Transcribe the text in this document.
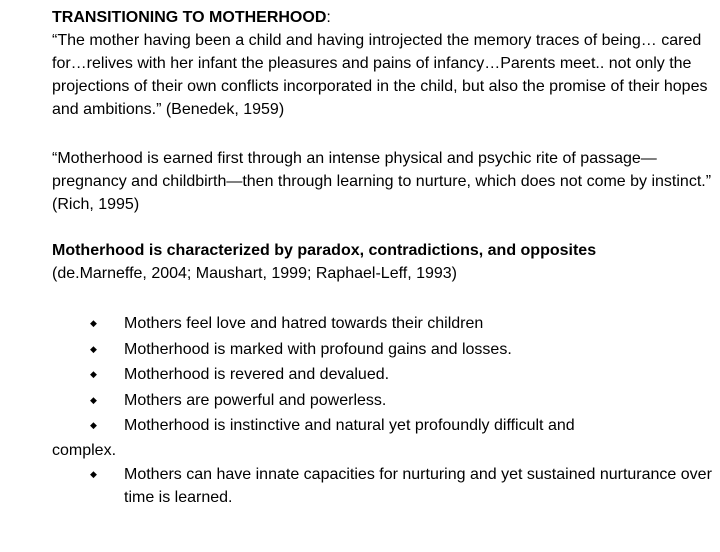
TRANSITIONING TO MOTHERHOOD:

“The mother having been a child and having introjected the memory traces of being… cared for…relives with her infant the pleasures and pains of infancy…Parents meet.. not only the projections of their own conflicts incorporated in the child, but also the promise of their hopes and ambitions.” (Benedek, 1959)

“Motherhood is earned first through an intense physical and psychic rite of passage—pregnancy and childbirth—then through learning to nurture, which does not come by instinct.” (Rich, 1995)

Motherhood is characterized by paradox, contradictions, and opposites
(de.Marneffe, 2004; Maushart, 1999; Raphael-Leff, 1993)

◆ Mothers feel love and hatred towards their children
◆ Motherhood is marked with profound gains and losses.
◆ Motherhood is revered and devalued.
◆ Mothers are powerful and powerless.
◆ Motherhood is instinctive and natural yet profoundly difficult and
complex.
◆ Mothers can have innate capacities for nurturing and yet sustained nurturance over time is learned.
